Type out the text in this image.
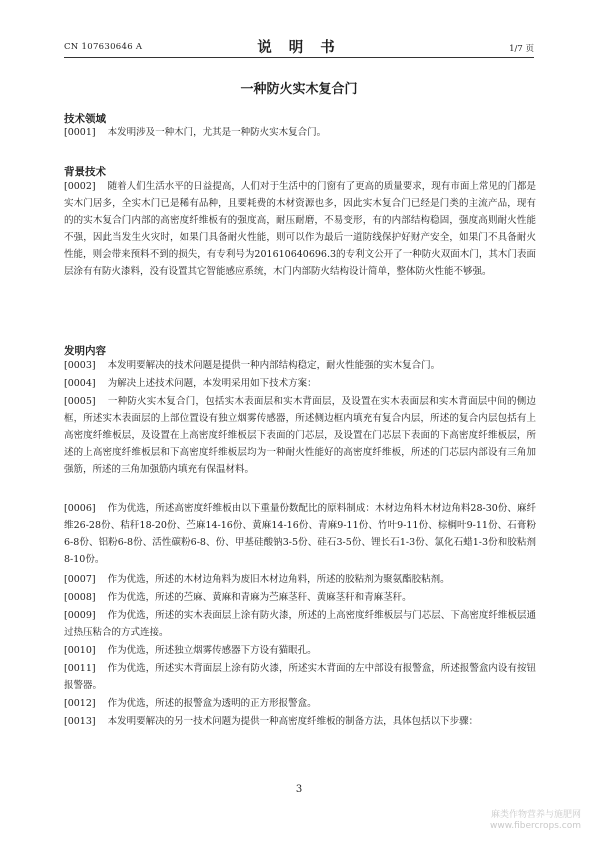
CN 107630646 A	说 明 书	1/7 页
一种防火实木复合门
技术领域
[0001] 本发明涉及一种木门，尤其是一种防火实木复合门。
背景技术
[0002] 随着人们生活水平的日益提高，人们对于生活中的门窗有了更高的质量要求，现有市面上常见的门都是实木门居多，全实木门已是稀有品种，且要耗费的木材资源也多，因此实木复合门已经是门类的主流产品，现有的的实木复合门内部的高密度纤维板有的强度高，耐压耐磨，不易变形，有的内部结构稳固，强度高则耐火性能不强，因此当发生火灾时，如果门具备耐火性能，则可以作为最后一道防线保护好财产安全，如果门不具备耐火性能，则会带来预料不到的损失，有专利号为201610640696.3的专利文公开了一种防火双面木门，其木门表面层涂有有防火漆料，没有设置其它智能感应系统，木门内部防火结构设计简单，整体防火性能不够强。
发明内容
[0003] 本发明要解决的技术问题是提供一种内部结构稳定，耐火性能强的实木复合门。
[0004] 为解决上述技术问题，本发明采用如下技术方案：
[0005] 一种防火实木复合门，包括实木表面层和实木背面层，及设置在实木表面层和实木背面层中间的侧边框，所述实木表面层的上部位置设有独立烟雾传感器，所述侧边框内填充有复合内层，所述的复合内层包括有上高密度纤维板层，及设置在上高密度纤维板层下表面的门芯层，及设置在门芯层下表面的下高密度纤维板层，所述的上高密度纤维板层和下高密度纤维板层均为一种耐火性能好的高密度纤维板，所述的门芯层内部设有三角加强筋，所述的三角加强筋内填充有保温材料。
[0006] 作为优选，所述高密度纤维板由以下重量份数配比的原料制成：木材边角料木材边角料28-30份、麻纤维26-28份、秸秆18-20份、苎麻14-16份、黄麻14-16份、青麻9-11份、竹叶9-11份、棕榈叶9-11份、石膏粉6-8份、铝粉6-8份、活性碳粉6-8、份、甲基硅酸钠3-5份、硅石3-5份、锂长石1-3份、氯化石蜡1-3份和胶粘剂8-10份。
[0007] 作为优选，所述的木材边角料为废旧木材边角料，所述的胶粘剂为聚氨酯胶粘剂。
[0008] 作为优选，所述的苎麻、黄麻和青麻为苎麻茎秆、黄麻茎秆和青麻茎秆。
[0009] 作为优选，所述的实木表面层上涂有防火漆，所述的上高密度纤维板层与门芯层、下高密度纤维板层通过热压粘合的方式连接。
[0010] 作为优选，所述独立烟雾传感器下方设有猫眼孔。
[0011] 作为优选，所述实木背面层上涂有防火漆，所述实木背面的左中部设有报警盒，所述报警盒内设有按钮报警器。
[0012] 作为优选，所述的报警盒为透明的正方形报警盒。
[0013] 本发明要解决的另一技术问题为提供一种高密度纤维板的制备方法，具体包括以下步骤：
3
麻类作物营养与施肥网
www.fibercrops.com
